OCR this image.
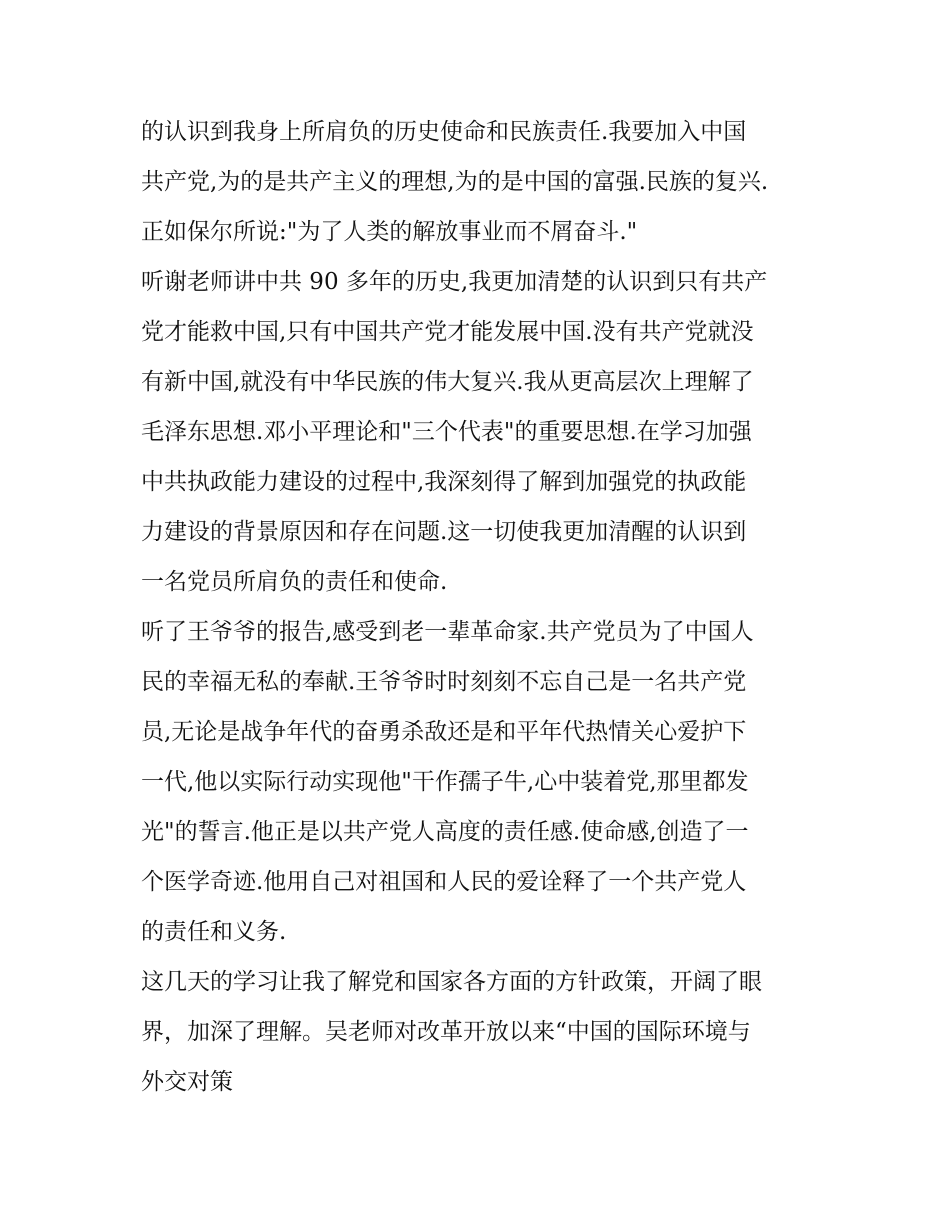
的认识到我身上所肩负的历史使命和民族责任.我要加入中国
共产党,为的是共产主义的理想,为的是中国的富强.民族的复兴.
正如保尔所说:"为了人类的解放事业而不屑奋斗."
听谢老师讲中共 90 多年的历史,我更加清楚的认识到只有共产
党才能救中国,只有中国共产党才能发展中国.没有共产党就没
有新中国,就没有中华民族的伟大复兴.我从更高层次上理解了
毛泽东思想.邓小平理论和"三个代表"的重要思想.在学习加强
中共执政能力建设的过程中,我深刻得了解到加强党的执政能
力建设的背景原因和存在问题.这一切使我更加清醒的认识到
一名党员所肩负的责任和使命.
听了王爷爷的报告,感受到老一辈革命家.共产党员为了中国人
民的幸福无私的奉献.王爷爷时时刻刻不忘自己是一名共产党
员,无论是战争年代的奋勇杀敌还是和平年代热情关心爱护下
一代,他以实际行动实现他"干作孺子牛,心中装着党,那里都发
光"的誓言.他正是以共产党人高度的责任感.使命感,创造了一
个医学奇迹.他用自己对祖国和人民的爱诠释了一个共产党人
的责任和义务.
这几天的学习让我了解党和国家各方面的方针政策，开阔了眼
界，加深了理解。吴老师对改革开放以来“中国的国际环境与
外交对策
